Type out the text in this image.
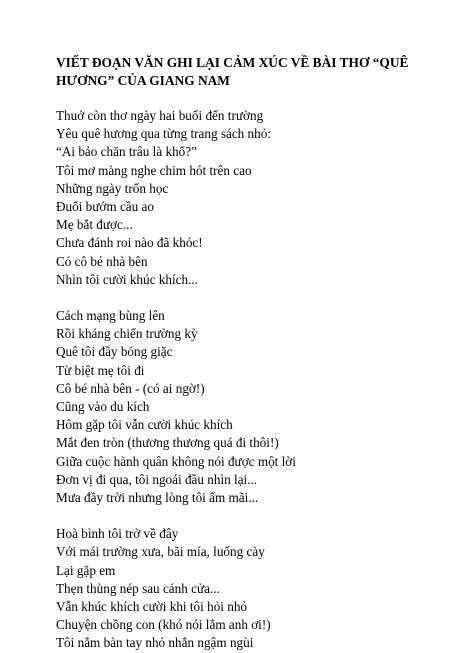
VIẾT ĐOẠN VĂN GHI LẠI CẢM XÚC VỀ BÀI THƠ “QUÊ HƯƠNG” CỦA GIANG NAM
Thuở còn thơ ngày hai buổi đến trường
Yêu quê hương qua từng trang sách nhỏ:
“Ai bảo chăn trâu là khổ?”
Tôi mơ màng nghe chim hót trên cao
Những ngày trốn học
Đuổi bướm cầu ao
Mẹ bắt được...
Chưa đánh roi nào đã khóc!
Có cô bé nhà bên
Nhìn tôi cười khúc khích...
Cách mạng bùng lên
Rồi kháng chiến trường kỳ
Quê tôi đầy bóng giặc
Từ biệt mẹ tôi đi
Cô bé nhà bên - (có ai ngờ!)
Cũng vào du kích
Hôm gặp tôi vẫn cười khúc khích
Mắt đen tròn (thương thương quá đi thôi!)
Giữa cuộc hành quân không nói được một lời
Đơn vị đi qua, tôi ngoái đầu nhìn lại...
Mưa đầy trời nhưng lòng tôi ấm mãi...
Hoà bình tôi trở về đây
Với mái trường xưa, bãi mía, luống cày
Lại gặp em
Thẹn thùng nép sau cánh cửa...
Vẫn khúc khích cười khi tôi hỏi nhỏ
Chuyện chồng con (khó nói lắm anh ơi!)
Tôi nắm bàn tay nhỏ nhắn ngậm ngùi
